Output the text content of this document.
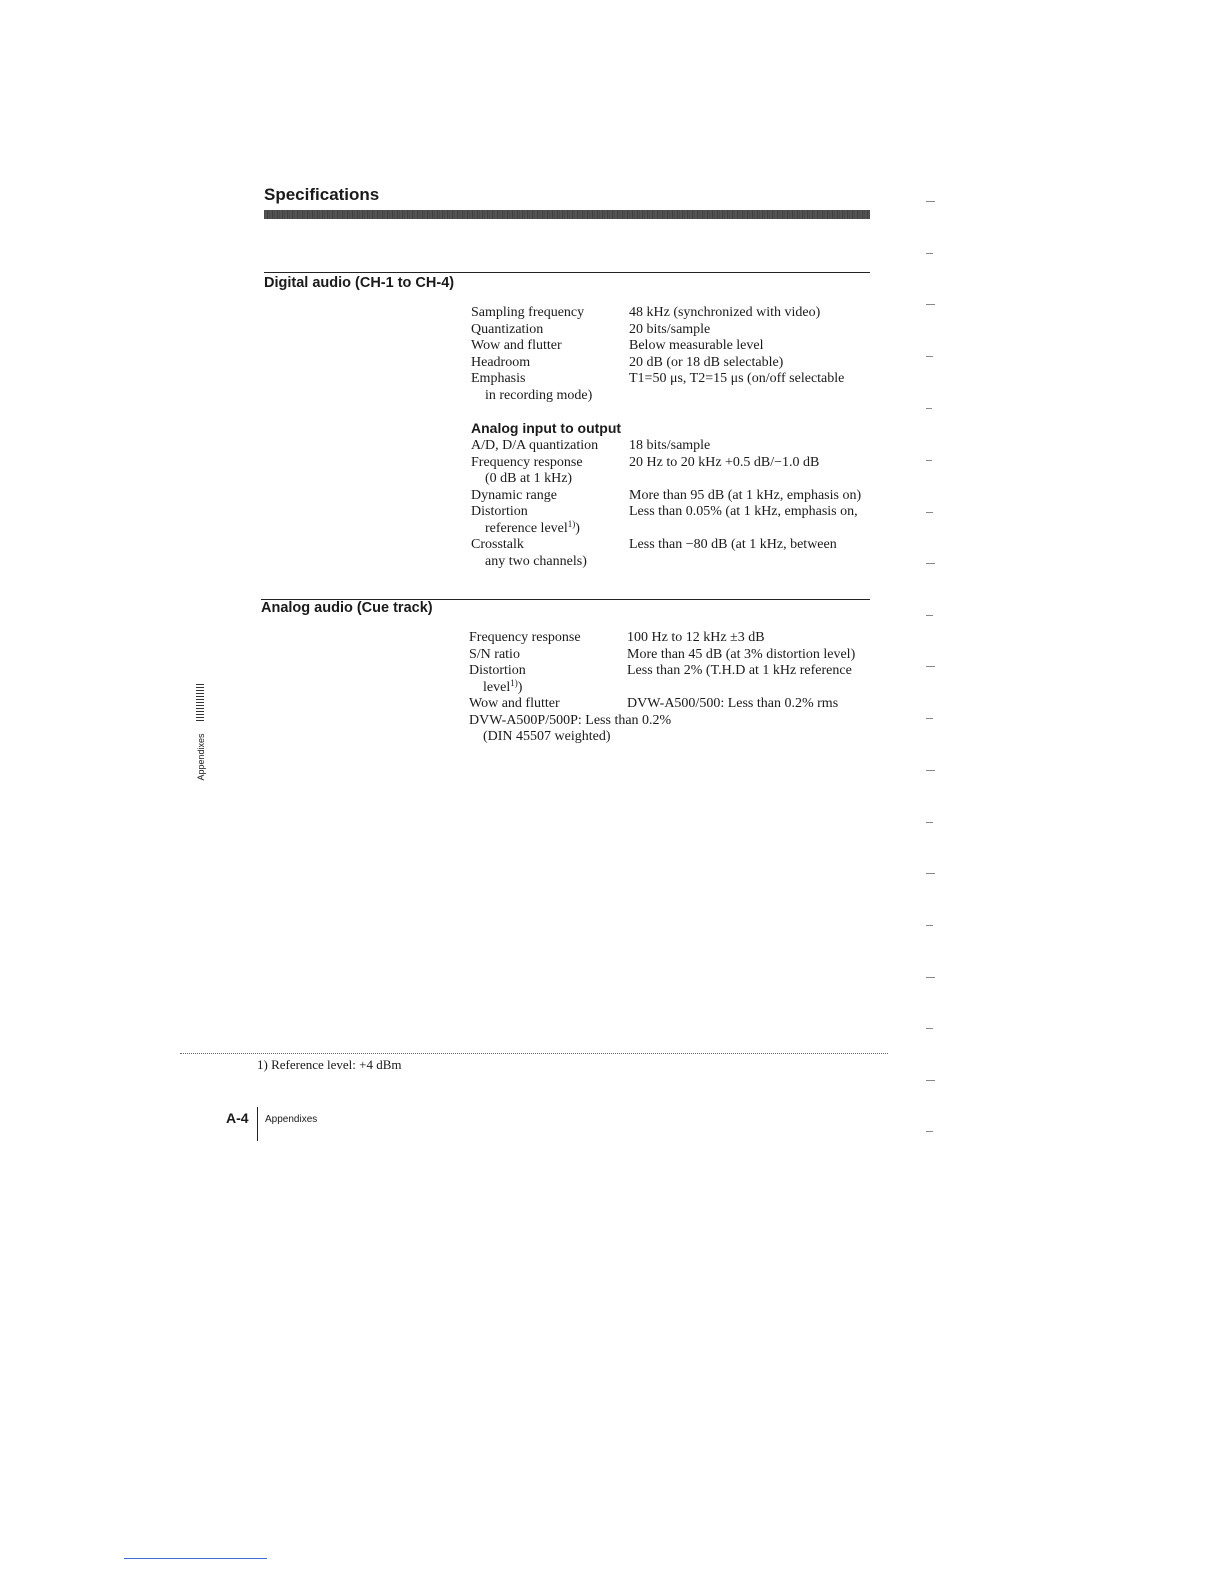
Specifications
Digital audio (CH-1 to CH-4)
Sampling frequency	48 kHz (synchronized with video)
Quantization	20 bits/sample
Wow and flutter	Below measurable level
Headroom	20 dB (or 18 dB selectable)
Emphasis	T1=50 μs, T2=15 μs (on/off selectable
in recording mode)
Analog input to output
A/D, D/A quantization 18 bits/sample
Frequency response	20 Hz to 20 kHz +0.5 dB/−1.0 dB
(0 dB at 1 kHz)
Dynamic range	More than 95 dB (at 1 kHz, emphasis on)
Distortion	Less than 0.05% (at 1 kHz, emphasis on,
reference level$^{1)}$)
Crosstalk	Less than −80 dB (at 1 kHz, between
any two channels)
Analog audio (Cue track)
Frequency response	100 Hz to 12 kHz ±3 dB
S/N ratio	More than 45 dB (at 3% distortion level)
Distortion	Less than 2% (T.H.D at 1 kHz reference
level$^{1)}$)
Wow and flutter	DVW-A500/500: Less than 0.2% rms
DVW-A500P/500P: Less than 0.2%
(DIN 45507 weighted)
Appendixes
1) Reference level: +4 dBm
A-4 Appendixes
